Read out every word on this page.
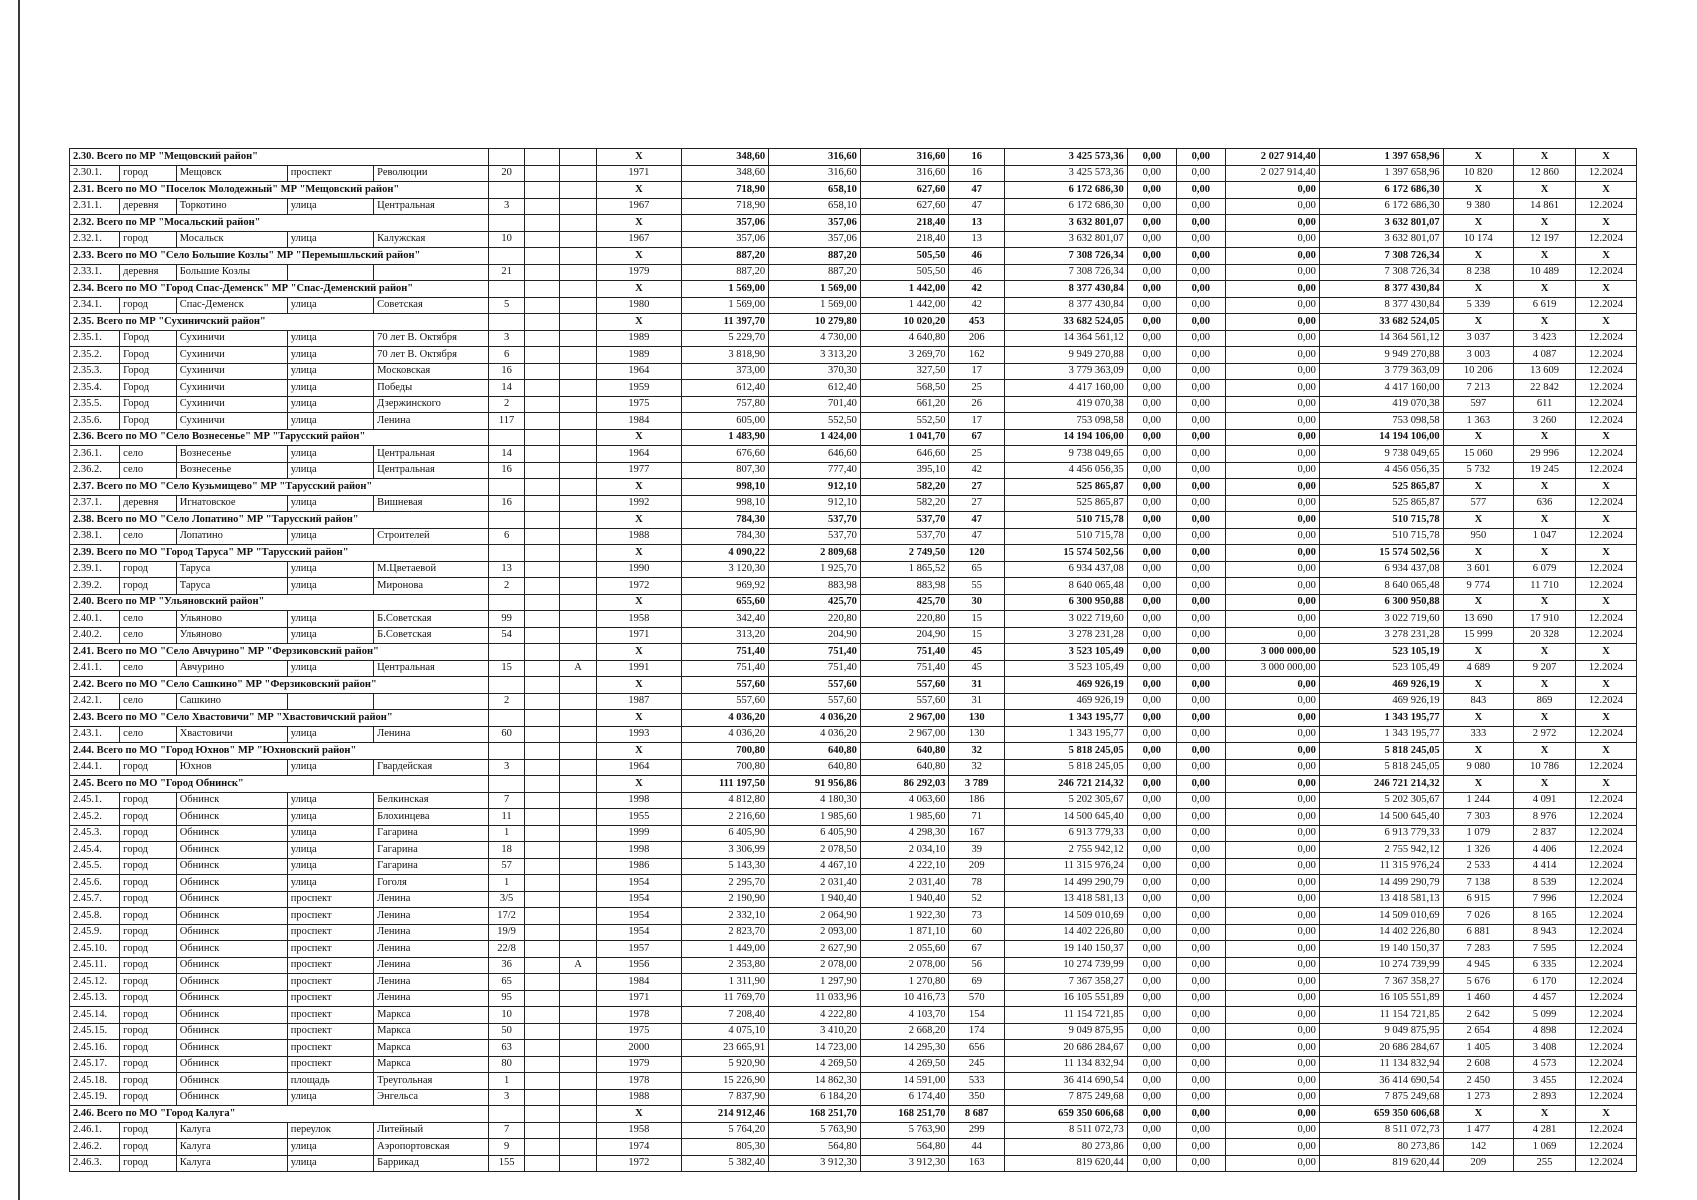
2.30. Всего по МР "Мещовский район"								X	348,60	316,60	316,60	16	3 425 573,36	0,00	0,00	2 027 914,40	1 397 658,96	X	X	X
2.30.1.	город	Мещовск	проспект	Революции	20			1971	348,60	316,60	316,60	16	3 425 573,36	0,00	0,00	2 027 914,40	1 397 658,96	10 820	12 860	12.2024
2.31. Всего по МО "Поселок Молодежный" МР "Мещовский район"								X	718,90	658,10	627,60	47	6 172 686,30	0,00	0,00	0,00	6 172 686,30	X	X	X
2.31.1.	деревня	Торкотино	улица	Центральная	3			1967	718,90	658,10	627,60	47	6 172 686,30	0,00	0,00	0,00	6 172 686,30	9 380	14 861	12.2024
2.32. Всего по МР "Мосальский район"								X	357,06	357,06	218,40	13	3 632 801,07	0,00	0,00	0,00	3 632 801,07	X	X	X
2.32.1.	город	Мосальск	улица	Калужская	10			1967	357,06	357,06	218,40	13	3 632 801,07	0,00	0,00	0,00	3 632 801,07	10 174	12 197	12.2024
2.33. Всего по МО "Село Большие Козлы" МР "Перемышльский район"								X	887,20	887,20	505,50	46	7 308 726,34	0,00	0,00	0,00	7 308 726,34	X	X	X
2.33.1.	деревня	Большие Козлы			21			1979	887,20	887,20	505,50	46	7 308 726,34	0,00	0,00	0,00	7 308 726,34	8 238	10 489	12.2024
2.34. Всего по МО "Город Спас-Деменск" МР "Спас-Деменский район"								X	1 569,00	1 569,00	1 442,00	42	8 377 430,84	0,00	0,00	0,00	8 377 430,84	X	X	X
2.34.1.	город	Спас-Деменск	улица	Советская	5			1980	1 569,00	1 569,00	1 442,00	42	8 377 430,84	0,00	0,00	0,00	8 377 430,84	5 339	6 619	12.2024
2.35. Всего по МР "Сухиничский район"								X	11 397,70	10 279,80	10 020,20	453	33 682 524,05	0,00	0,00	0,00	33 682 524,05	X	X	X
2.35.1.	Город	Сухиничи	улица	70 лет В. Октября	3			1989	5 229,70	4 730,00	4 640,80	206	14 364 561,12	0,00	0,00	0,00	14 364 561,12	3 037	3 423	12.2024
2.35.2.	Город	Сухиничи	улица	70 лет В. Октября	6			1989	3 818,90	3 313,20	3 269,70	162	9 949 270,88	0,00	0,00	0,00	9 949 270,88	3 003	4 087	12.2024
2.35.3.	Город	Сухиничи	улица	Московская	16			1964	373,00	370,30	327,50	17	3 779 363,09	0,00	0,00	0,00	3 779 363,09	10 206	13 609	12.2024
2.35.4.	Город	Сухиничи	улица	Победы	14			1959	612,40	612,40	568,50	25	4 417 160,00	0,00	0,00	0,00	4 417 160,00	7 213	22 842	12.2024
2.35.5.	Город	Сухиничи	улица	Дзержинского	2			1975	757,80	701,40	661,20	26	419 070,38	0,00	0,00	0,00	419 070,38	597	611	12.2024
2.35.6.	Город	Сухиничи	улица	Ленина	117			1984	605,00	552,50	552,50	17	753 098,58	0,00	0,00	0,00	753 098,58	1 363	3 260	12.2024
2.36. Всего по МО "Село Вознесенье" МР "Тарусский район"								X	1 483,90	1 424,00	1 041,70	67	14 194 106,00	0,00	0,00	0,00	14 194 106,00	X	X	X
2.36.1.	село	Вознесенье	улица	Центральная	14			1964	676,60	646,60	646,60	25	9 738 049,65	0,00	0,00	0,00	9 738 049,65	15 060	29 996	12.2024
2.36.2.	село	Вознесенье	улица	Центральная	16			1977	807,30	777,40	395,10	42	4 456 056,35	0,00	0,00	0,00	4 456 056,35	5 732	19 245	12.2024
2.37. Всего по МО "Село Кузьмищево" МР "Тарусский район"								X	998,10	912,10	582,20	27	525 865,87	0,00	0,00	0,00	525 865,87	X	X	X
2.37.1.	деревня	Игнатовское	улица	Вишневая	16			1992	998,10	912,10	582,20	27	525 865,87	0,00	0,00	0,00	525 865,87	577	636	12.2024
2.38. Всего по МО "Село Лопатино" МР "Тарусский район"								X	784,30	537,70	537,70	47	510 715,78	0,00	0,00	0,00	510 715,78	X	X	X
2.38.1.	село	Лопатино	улица	Строителей	6			1988	784,30	537,70	537,70	47	510 715,78	0,00	0,00	0,00	510 715,78	950	1 047	12.2024
2.39. Всего по МО "Город Таруса" МР "Тарусский район"								X	4 090,22	2 809,68	2 749,50	120	15 574 502,56	0,00	0,00	0,00	15 574 502,56	X	X	X
2.39.1.	город	Таруса	улица	М.Цветаевой	13			1990	3 120,30	1 925,70	1 865,52	65	6 934 437,08	0,00	0,00	0,00	6 934 437,08	3 601	6 079	12.2024
2.39.2.	город	Таруса	улица	Миронова	2			1972	969,92	883,98	883,98	55	8 640 065,48	0,00	0,00	0,00	8 640 065,48	9 774	11 710	12.2024
2.40. Всего по МР "Ульяновский район"								X	655,60	425,70	425,70	30	6 300 950,88	0,00	0,00	0,00	6 300 950,88	X	X	X
2.40.1.	село	Ульяново	улица	Б.Советская	99			1958	342,40	220,80	220,80	15	3 022 719,60	0,00	0,00	0,00	3 022 719,60	13 690	17 910	12.2024
2.40.2.	село	Ульяново	улица	Б.Советская	54			1971	313,20	204,90	204,90	15	3 278 231,28	0,00	0,00	0,00	3 278 231,28	15 999	20 328	12.2024
2.41. Всего по МО "Село Авчурино" МР "Ферзиковский район"								X	751,40	751,40	751,40	45	3 523 105,49	0,00	0,00	3 000 000,00	523 105,19	X	X	X
2.41.1.	село	Авчурино	улица	Центральная	15		А	1991	751,40	751,40	751,40	45	3 523 105,49	0,00	0,00	3 000 000,00	523 105,49	4 689	9 207	12.2024
2.42. Всего по МО "Село Сашкино" МР "Ферзиковский район"								X	557,60	557,60	557,60	31	469 926,19	0,00	0,00	0,00	469 926,19	X	X	X
2.42.1.	село	Сашкино			2			1987	557,60	557,60	557,60	31	469 926,19	0,00	0,00	0,00	469 926,19	843	869	12.2024
2.43. Всего по МО "Село Хвастовичи" МР "Хвастовичский район"								X	4 036,20	4 036,20	2 967,00	130	1 343 195,77	0,00	0,00	0,00	1 343 195,77	X	X	X
2.43.1.	село	Хвастовичи	улица	Ленина	60			1993	4 036,20	4 036,20	2 967,00	130	1 343 195,77	0,00	0,00	0,00	1 343 195,77	333	2 972	12.2024
2.44. Всего по МО "Город Юхнов" МР "Юхновский район"								X	700,80	640,80	640,80	32	5 818 245,05	0,00	0,00	0,00	5 818 245,05	X	X	X
2.44.1.	город	Юхнов	улица	Гвардейская	3			1964	700,80	640,80	640,80	32	5 818 245,05	0,00	0,00	0,00	5 818 245,05	9 080	10 786	12.2024
2.45. Всего по МО "Город Обнинск"								X	111 197,50	91 956,86	86 292,03	3 789	246 721 214,32	0,00	0,00	0,00	246 721 214,32	X	X	X
2.45.1.	город	Обнинск	улица	Белкинская	7			1998	4 812,80	4 180,30	4 063,60	186	5 202 305,67	0,00	0,00	0,00	5 202 305,67	1 244	4 091	12.2024
2.45.2.	город	Обнинск	улица	Блохинцева	11			1955	2 216,60	1 985,60	1 985,60	71	14 500 645,40	0,00	0,00	0,00	14 500 645,40	7 303	8 976	12.2024
2.45.3.	город	Обнинск	улица	Гагарина	1			1999	6 405,90	6 405,90	4 298,30	167	6 913 779,33	0,00	0,00	0,00	6 913 779,33	1 079	2 837	12.2024
2.45.4.	город	Обнинск	улица	Гагарина	18			1998	3 306,99	2 078,50	2 034,10	39	2 755 942,12	0,00	0,00	0,00	2 755 942,12	1 326	4 406	12.2024
2.45.5.	город	Обнинск	улица	Гагарина	57			1986	5 143,30	4 467,10	4 222,10	209	11 315 976,24	0,00	0,00	0,00	11 315 976,24	2 533	4 414	12.2024
2.45.6.	город	Обнинск	улица	Гоголя	1			1954	2 295,70	2 031,40	2 031,40	78	14 499 290,79	0,00	0,00	0,00	14 499 290,79	7 138	8 539	12.2024
2.45.7.	город	Обнинск	проспект	Ленина	3/5			1954	2 190,90	1 940,40	1 940,40	52	13 418 581,13	0,00	0,00	0,00	13 418 581,13	6 915	7 996	12.2024
2.45.8.	город	Обнинск	проспект	Ленина	17/2			1954	2 332,10	2 064,90	1 922,30	73	14 509 010,69	0,00	0,00	0,00	14 509 010,69	7 026	8 165	12.2024
2.45.9.	город	Обнинск	проспект	Ленина	19/9			1954	2 823,70	2 093,00	1 871,10	60	14 402 226,80	0,00	0,00	0,00	14 402 226,80	6 881	8 943	12.2024
2.45.10.	город	Обнинск	проспект	Ленина	22/8			1957	1 449,00	2 627,90	2 055,60	67	19 140 150,37	0,00	0,00	0,00	19 140 150,37	7 283	7 595	12.2024
2.45.11.	город	Обнинск	проспект	Ленина	36		А	1956	2 353,80	2 078,00	2 078,00	56	10 274 739,99	0,00	0,00	0,00	10 274 739,99	4 945	6 335	12.2024
2.45.12.	город	Обнинск	проспект	Ленина	65			1984	1 311,90	1 297,90	1 270,80	69	7 367 358,27	0,00	0,00	0,00	7 367 358,27	5 676	6 170	12.2024
2.45.13.	город	Обнинск	проспект	Ленина	95			1971	11 769,70	11 033,96	10 416,73	570	16 105 551,89	0,00	0,00	0,00	16 105 551,89	1 460	4 457	12.2024
2.45.14.	город	Обнинск	проспект	Маркса	10			1978	7 208,40	4 222,80	4 103,70	154	11 154 721,85	0,00	0,00	0,00	11 154 721,85	2 642	5 099	12.2024
2.45.15.	город	Обнинск	проспект	Маркса	50			1975	4 075,10	3 410,20	2 668,20	174	9 049 875,95	0,00	0,00	0,00	9 049 875,95	2 654	4 898	12.2024
2.45.16.	город	Обнинск	проспект	Маркса	63			2000	23 665,91	14 723,00	14 295,30	656	20 686 284,67	0,00	0,00	0,00	20 686 284,67	1 405	3 408	12.2024
2.45.17.	город	Обнинск	проспект	Маркса	80			1979	5 920,90	4 269,50	4 269,50	245	11 134 832,94	0,00	0,00	0,00	11 134 832,94	2 608	4 573	12.2024
2.45.18.	город	Обнинск	площадь	Треугольная	1			1978	15 226,90	14 862,30	14 591,00	533	36 414 690,54	0,00	0,00	0,00	36 414 690,54	2 450	3 455	12.2024
2.45.19.	город	Обнинск	улица	Энгельса	3			1988	7 837,90	6 184,20	6 174,40	350	7 875 249,68	0,00	0,00	0,00	7 875 249,68	1 273	2 893	12.2024
2.46. Всего по МО "Город Калуга"								X	214 912,46	168 251,70	168 251,70	8 687	659 350 606,68	0,00	0,00	0,00	659 350 606,68	X	X	X
2.46.1.	город	Калуга	переулок	Литейный	7			1958	5 764,20	5 763,90	5 763,90	299	8 511 072,73	0,00	0,00	0,00	8 511 072,73	1 477	4 281	12.2024
2.46.2.	город	Калуга	улица	Аэропортовская	9			1974	805,30	564,80	564,80	44	80 273,86	0,00	0,00	0,00	80 273,86	142	1 069	12.2024
2.46.3.	город	Калуга	улица	Баррикад	155			1972	5 382,40	3 912,30	3 912,30	163	819 620,44	0,00	0,00	0,00	819 620,44	209	255	12.2024
